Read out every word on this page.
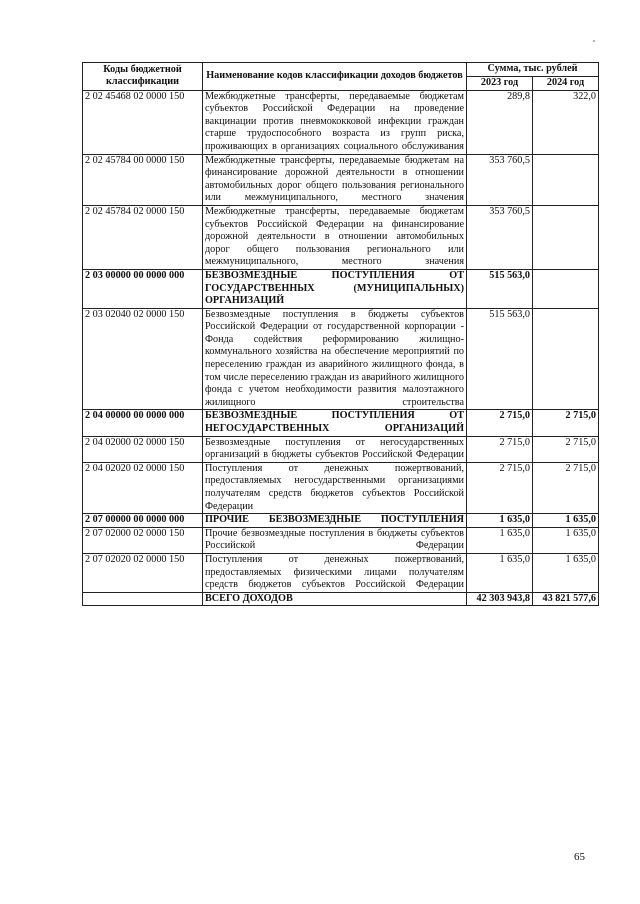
Коды бюджетной классификации	Наименование кодов классификации доходов бюджетов	Сумма, тыс. рублей	
		2023 год	2024 год
2 02 45468 02 0000 150	Межбюджетные трансферты, передаваемые бюджетам субъектов Российской Федерации на проведение вакцинации против пневмококковой инфекции граждан старше трудоспособного возраста из групп риска, проживающих в организациях социального обслуживания	289,8	322,0
2 02 45784 00 0000 150	Межбюджетные трансферты, передаваемые бюджетам на финансирование дорожной деятельности в отношении автомобильных дорог общего пользования регионального или межмуниципального, местного значения	353 760,5	
2 02 45784 02 0000 150	Межбюджетные трансферты, передаваемые бюджетам субъектов Российской Федерации на финансирование дорожной деятельности в отношении автомобильных дорог общего пользования регионального или межмуниципального, местного значения	353 760,5	
2 03 00000 00 0000 000	БЕЗВОЗМЕЗДНЫЕ ПОСТУПЛЕНИЯ ОТ ГОСУДАРСТВЕННЫХ (МУНИЦИПАЛЬНЫХ) ОРГАНИЗАЦИЙ	515 563,0	
2 03 02040 02 0000 150	Безвозмездные поступления в бюджеты субъектов Российской Федерации от государственной корпорации - Фонда содействия реформированию жилищно-коммунального хозяйства на обеспечение мероприятий по переселению граждан из аварийного жилищного фонда, в том числе переселению граждан из аварийного жилищного фонда с учетом необходимости развития малоэтажного жилищного строительства	515 563,0	
2 04 00000 00 0000 000	БЕЗВОЗМЕЗДНЫЕ ПОСТУПЛЕНИЯ ОТ НЕГОСУДАРСТВЕННЫХ ОРГАНИЗАЦИЙ	2 715,0	2 715,0
2 04 02000 02 0000 150	Безвозмездные поступления от негосударственных организаций в бюджеты субъектов Российской Федерации	2 715,0	2 715,0
2 04 02020 02 0000 150	Поступления от денежных пожертвований, предоставляемых негосударственными организациями получателям средств бюджетов субъектов Российской Федерации	2 715,0	2 715,0
2 07 00000 00 0000 000	ПРОЧИЕ БЕЗВОЗМЕЗДНЫЕ ПОСТУПЛЕНИЯ	1 635,0	1 635,0
2 07 02000 02 0000 150	Прочие безвозмездные поступления в бюджеты субъектов Российской Федерации	1 635,0	1 635,0
2 07 02020 02 0000 150	Поступления от денежных пожертвований, предоставляемых физическими лицами получателям средств бюджетов субъектов Российской Федерации	1 635,0	1 635,0
	ВСЕГО ДОХОДОВ	42 303 943,8	43 821 577,6
65
